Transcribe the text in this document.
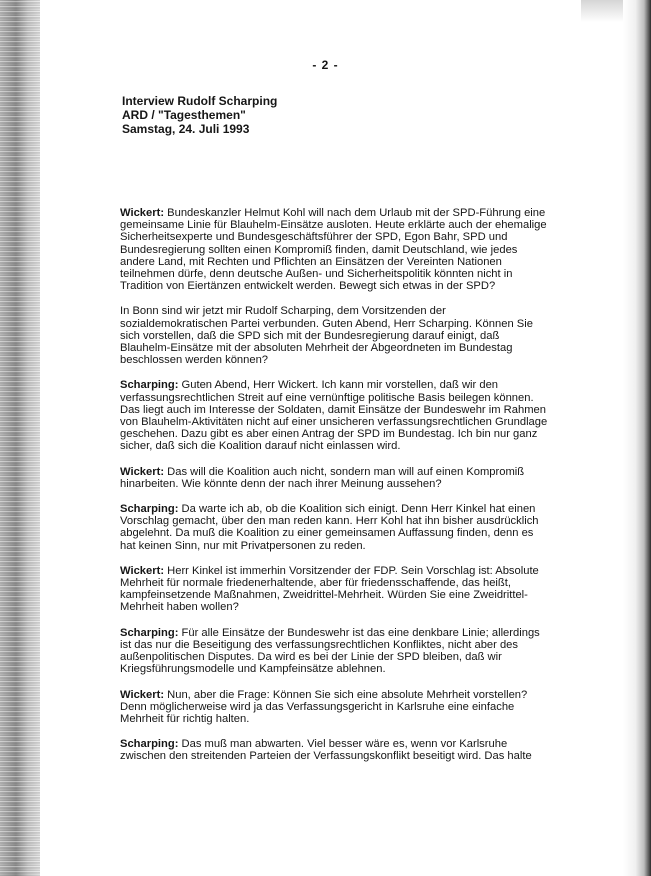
- 2 -
Interview Rudolf Scharping
ARD / "Tagesthemen"
Samstag, 24. Juli 1993

Wickert: Bundeskanzler Helmut Kohl will nach dem Urlaub mit der SPD-Führung eine gemeinsame Linie für Blauhelm-Einsätze ausloten. Heute erklärte auch der ehemalige Sicherheitsexperte und Bundesgeschäftsführer der SPD, Egon Bahr, SPD und Bundesregierung sollten einen Kompromiß finden, damit Deutschland, wie jedes andere Land, mit Rechten und Pflichten an Einsätzen der Vereinten Nationen teilnehmen dürfe, denn deutsche Außen- und Sicherheitspolitik könnten nicht in Tradition von Eiertänzen entwickelt werden. Bewegt sich etwas in der SPD?

In Bonn sind wir jetzt mir Rudolf Scharping, dem Vorsitzenden der sozialdemokratischen Partei verbunden. Guten Abend, Herr Scharping. Können Sie sich vorstellen, daß die SPD sich mit der Bundesregierung darauf einigt, daß Blauhelm-Einsätze mit der absoluten Mehrheit der Abgeordneten im Bundestag beschlossen werden können?

Scharping: Guten Abend, Herr Wickert. Ich kann mir vorstellen, daß wir den verfassungsrechtlichen Streit auf eine vernünftige politische Basis beilegen können. Das liegt auch im Interesse der Soldaten, damit Einsätze der Bundeswehr im Rahmen von Blauhelm-Aktivitäten nicht auf einer unsicheren verfassungsrechtlichen Grundlage geschehen. Dazu gibt es aber einen Antrag der SPD im Bundestag. Ich bin nur ganz sicher, daß sich die Koalition darauf nicht einlassen wird.

Wickert: Das will die Koalition auch nicht, sondern man will auf einen Kompromiß hinarbeiten. Wie könnte denn der nach ihrer Meinung aussehen?

Scharping: Da warte ich ab, ob die Koalition sich einigt. Denn Herr Kinkel hat einen Vorschlag gemacht, über den man reden kann. Herr Kohl hat ihn bisher ausdrücklich abgelehnt. Da muß die Koalition zu einer gemeinsamen Auffassung finden, denn es hat keinen Sinn, nur mit Privatpersonen zu reden.

Wickert: Herr Kinkel ist immerhin Vorsitzender der FDP. Sein Vorschlag ist: Absolute Mehrheit für normale friedenerhaltende, aber für friedensschaffende, das heißt, kampfeinsetzende Maßnahmen, Zweidrittel-Mehrheit. Würden Sie eine Zweidrittel-Mehrheit haben wollen?

Scharping: Für alle Einsätze der Bundeswehr ist das eine denkbare Linie; allerdings ist das nur die Beseitigung des verfassungsrechtlichen Konfliktes, nicht aber des außenpolitischen Disputes. Da wird es bei der Linie der SPD bleiben, daß wir Kriegsführungsmodelle und Kampfeinsätze ablehnen.

Wickert: Nun, aber die Frage: Können Sie sich eine absolute Mehrheit vorstellen? Denn möglicherweise wird ja das Verfassungsgericht in Karlsruhe eine einfache Mehrheit für richtig halten.

Scharping: Das muß man abwarten. Viel besser wäre es, wenn vor Karlsruhe zwischen den streitenden Parteien der Verfassungskonflikt beseitigt wird. Das halte
